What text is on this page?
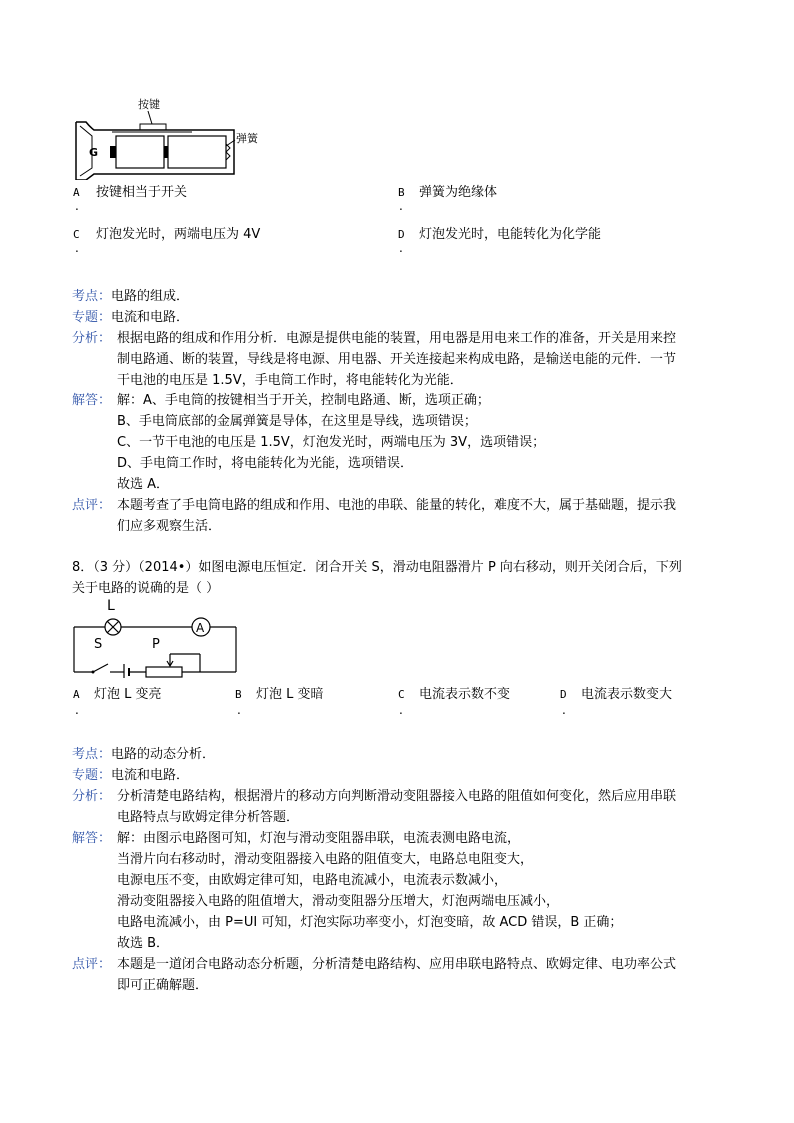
按键
弹簧
G
A 按键相当于开关
.
B 弹簧为绝缘体
.
C 灯泡发光时，两端电压为 4V
.
D 灯泡发光时，电能转化为化学能
.
考点：电路的组成．
专题：电流和电路．
分析： 根据电路的组成和作用分析．电源是提供电能的装置，用电器是用电来工作的准备，开关是用来控
制电路通、断的装置，导线是将电源、用电器、开关连接起来构成电路，是输送电能的元件．一节
干电池的电压是 1.5V，手电筒工作时，将电能转化为光能．
解答： 解：A、手电筒的按键相当于开关，控制电路通、断，选项正确；
B、手电筒底部的金属弹簧是导体，在这里是导线，选项错误；
C、一节干电池的电压是 1.5V，灯泡发光时，两端电压为 3V，选项错误；
D、手电筒工作时，将电能转化为光能，选项错误．
故选 A．
点评： 本题考查了手电筒电路的组成和作用、电池的串联、能量的转化，难度不大，属于基础题，提示我
们应多观察生活．
8．（3 分）（2014•）如图电源电压恒定．闭合开关 S，滑动电阻器滑片 P 向右移动，则开关闭合后，下列
关于电路的说确的是（ ）
L
S	P
A
A 灯泡 L 变亮
.
B 灯泡 L 变暗
.
C 电流表示数不变
.
D 电流表示数变大
.
考点：电路的动态分析．
专题：电流和电路．
分析： 分析清楚电路结构，根据滑片的移动方向判断滑动变阻器接入电路的阻值如何变化，然后应用串联
电路特点与欧姆定律分析答题．
解答： 解：由图示电路图可知，灯泡与滑动变阻器串联，电流表测电路电流，
当滑片向右移动时，滑动变阻器接入电路的阻值变大，电路总电阻变大，
电源电压不变，由欧姆定律可知，电路电流减小，电流表示数减小，
滑动变阻器接入电路的阻值增大，滑动变阻器分压增大，灯泡两端电压减小，
电路电流减小，由 P=UI 可知，灯泡实际功率变小，灯泡变暗，故 ACD 错误，B 正确；
故选 B．
点评： 本题是一道闭合电路动态分析题，分析清楚电路结构、应用串联电路特点、欧姆定律、电功率公式
即可正确解题．
